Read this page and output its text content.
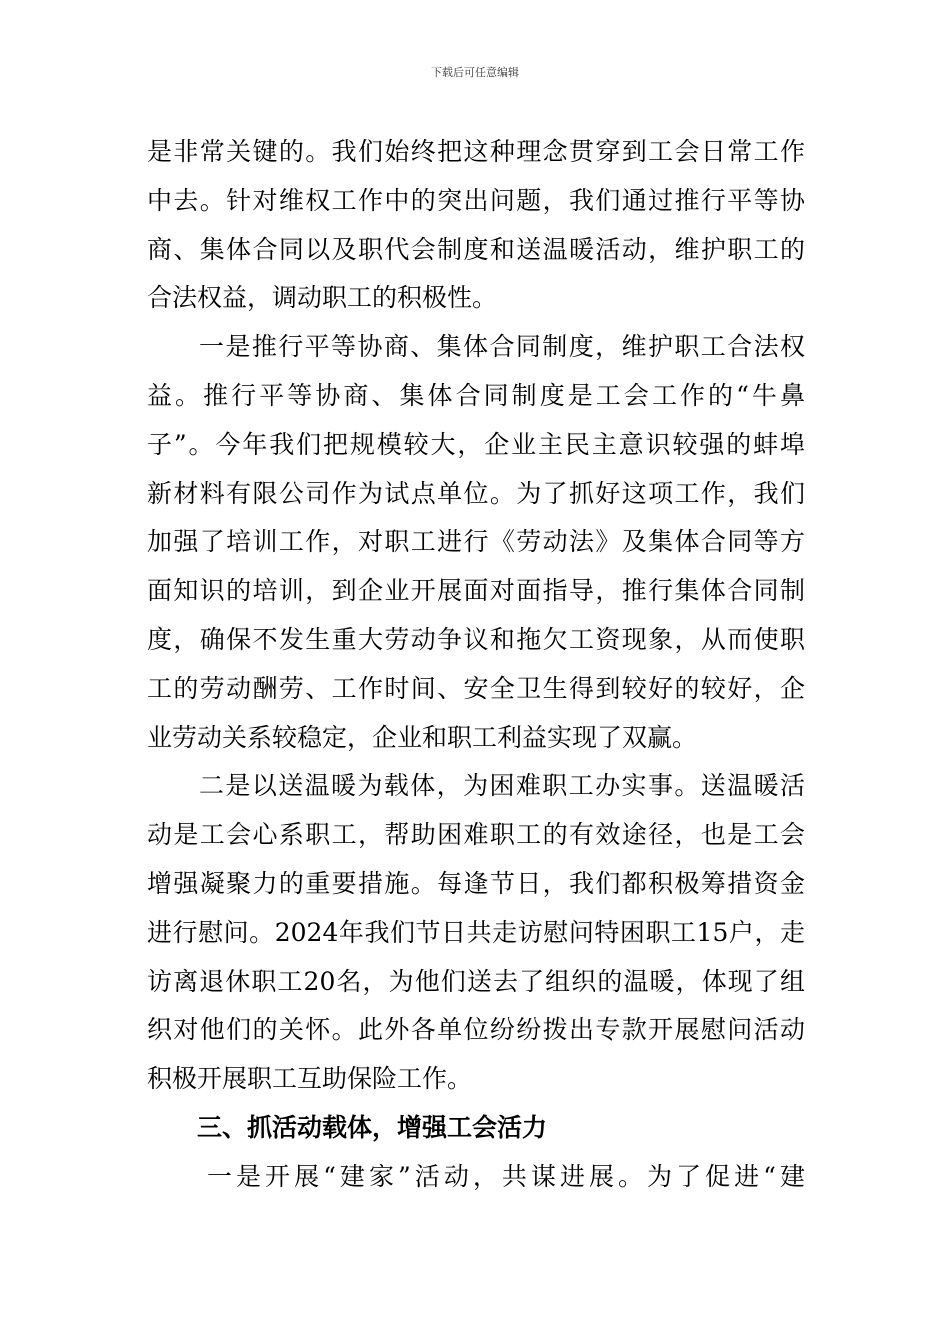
下载后可任意编辑
是非常关键的。我们始终把这种理念贯穿到工会日常工作
中去。针对维权工作中的突出问题，我们通过推行平等协
商、集体合同以及职代会制度和送温暖活动，维护职工的
合法权益，调动职工的积极性。
一是推行平等协商、集体合同制度，维护职工合法权
益。推行平等协商、集体合同制度是工会工作的“牛鼻
子”。今年我们把规模较大，企业主民主意识较强的蚌埠
新材料有限公司作为试点单位。为了抓好这项工作，我们
加强了培训工作，对职工进行《劳动法》及集体合同等方
面知识的培训，到企业开展面对面指导，推行集体合同制
度，确保不发生重大劳动争议和拖欠工资现象，从而使职
工的劳动酬劳、工作时间、安全卫生得到较好的较好，企
业劳动关系较稳定，企业和职工利益实现了双赢。
二是以送温暖为载体，为困难职工办实事。送温暖活
动是工会心系职工，帮助困难职工的有效途径，也是工会
增强凝聚力的重要措施。每逢节日，我们都积极筹措资金
进行慰问。2024年我们节日共走访慰问特困职工15户，走
访离退休职工20名，为他们送去了组织的温暖，体现了组
织对他们的关怀。此外各单位纷纷拨出专款开展慰问活动
积极开展职工互助保险工作。
三、抓活动载体，增强工会活力
一是开展“建家”活动，共谋进展。为了促进“建
